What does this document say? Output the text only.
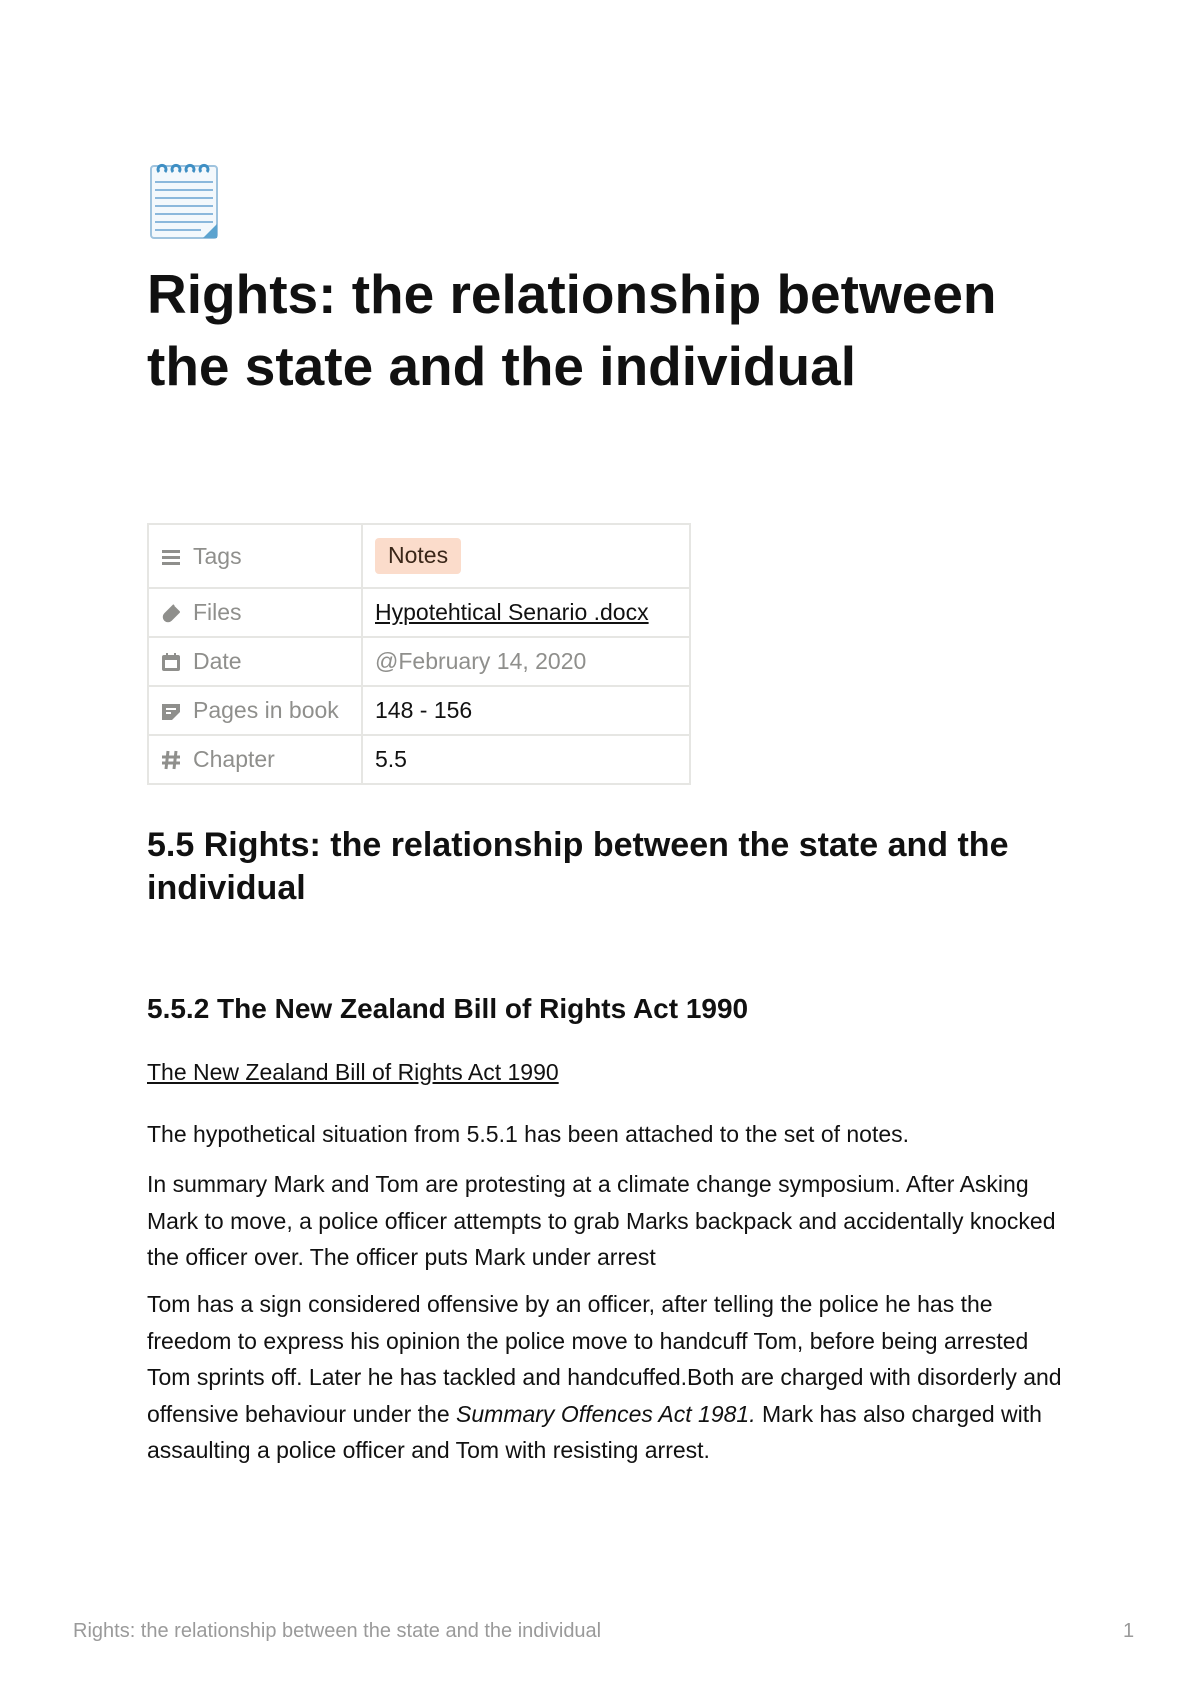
Rights: the relationship between the state and the individual
Tags	Notes
Files	Hypotehtical Senario .docx
Date	@February 14, 2020
Pages in book	148 - 156
Chapter	5.5
5.5 Rights: the relationship between the state and the individual
5.5.2 The New Zealand Bill of Rights Act 1990

The New Zealand Bill of Rights Act 1990

The hypothetical situation from 5.5.1 has been attached to the set of notes.

In summary Mark and Tom are protesting at a climate change symposium. After Asking Mark to move, a police officer attempts to grab Marks backpack and accidentally knocked the officer over. The officer puts Mark under arrest

Tom has a sign considered offensive by an officer, after telling the police he has the freedom to express his opinion the police move to handcuff Tom, before being arrested Tom sprints off. Later he has tackled and handcuffed.Both are charged with disorderly and offensive behaviour under the Summary Offences Act 1981. Mark has also charged with assaulting a police officer and Tom with resisting arrest.

Rights: the relationship between the state and the individual	1
